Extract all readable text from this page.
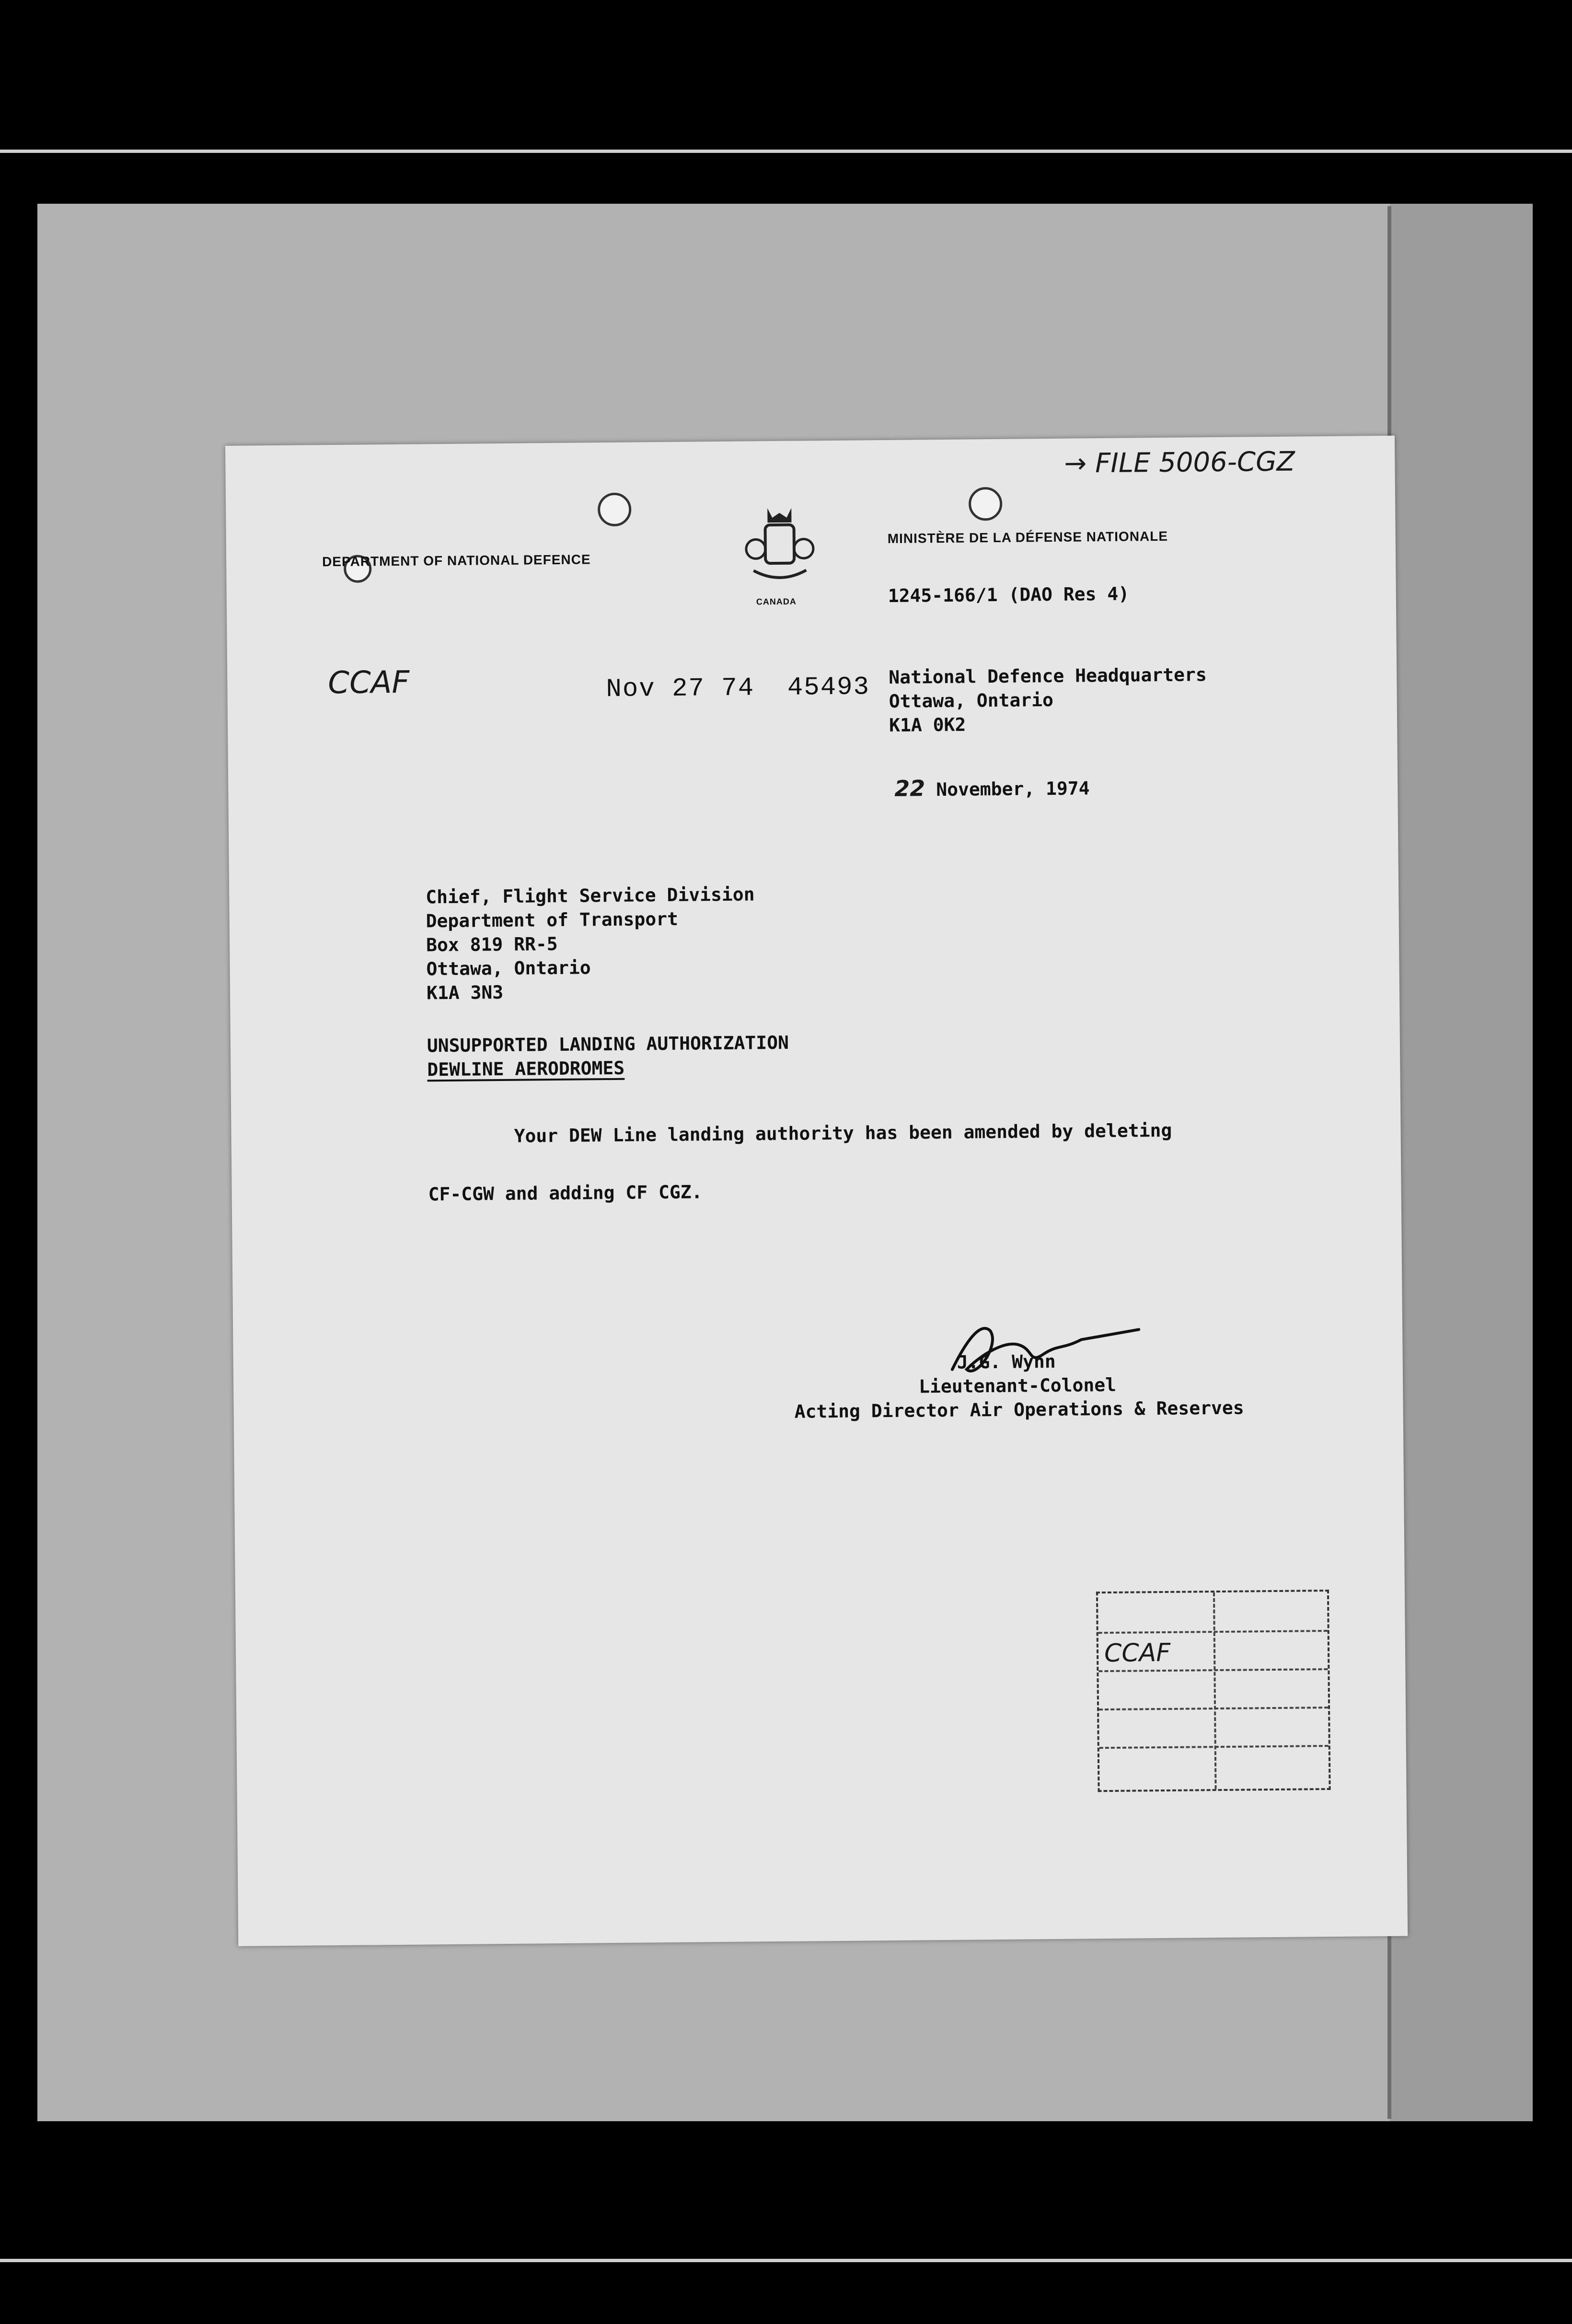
→ FILE 5006-CGZ
DEPARTMENT OF NATIONAL DEFENCE
CANADA
MINISTÈRE DE LA DÉFENSE NATIONALE
1245-166/1 (DAO Res 4)
CCAF	Nov 27 74  45493 National Defence Headquarters
Ottawa, Ontario
K1A 0K2
22 November, 1974
Chief, Flight Service Division
Department of Transport
Box 819 RR-5
Ottawa, Ontario
K1A 3N3
UNSUPPORTED LANDING AUTHORIZATION
DEWLINE AERODROMES
Your DEW Line landing authority has been amended by deleting
CF-CGW and adding CF CGZ.
J.G. Wynn
Lieutenant-Colonel
Acting Director Air Operations & Reserves
CCAF
